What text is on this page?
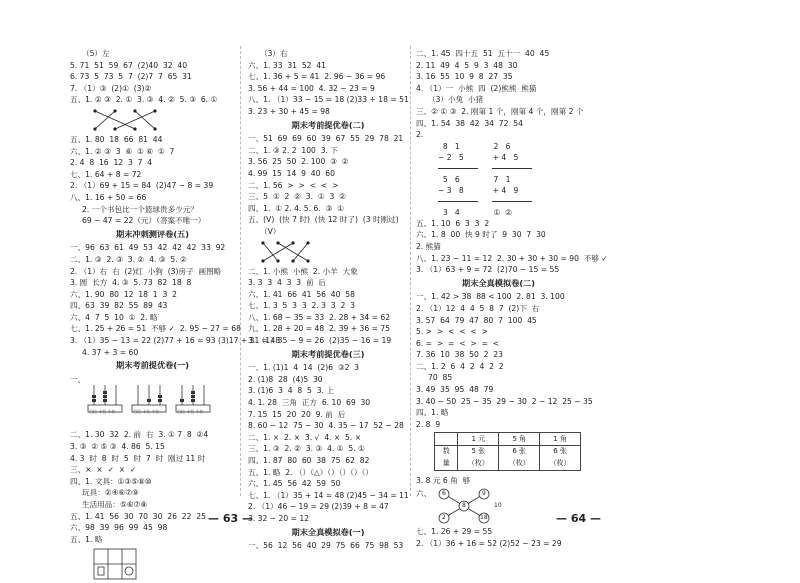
（5）左
5. 71  51  59  67  (2)40  32  40
6. 73  5  73  5  7  (2)7  7  65  31
7. （1）③  (2)①  (3)②
五、1. ② ③  2. ①  3. ③  4. ②  5. ③  6. ①
五、1. 80  18  66  81  44
六、1. ② ③  3  ⑥  ① ⑥  ①  7
2. 4  8  16  12  3  7  4
七、1. 64 + 8 = 72
2. （1）69 + 15 = 84  (2)47 − 8 = 39
八、1. 16 + 50 = 66
2. 一个书包比一个篮球贵多少元？
69 − 47 = 22（元）（答案不唯一）
期末冲刺测评卷(五)
一、96  63  61  49  53  42  42  42  33  92
二、1. ③  2. ③  3. ②  4. ③  5. ②
2. （1）右  右  (2)红  小狗  (3)房子  画图略
3. 圆  长方  4. ③  5. 73  82  18  8
六、1. 90  80  12  18  1  3  2
四、63  39  82  55  89  43
六、4  7  5  10  ①  2. 略
七、1. 25 + 26 = 51  不够 ✓  2. 95 − 27 = 68
3. （1）35 − 13 = 22 (2)77 + 16 = 93 (3)17 + 31 = 48
4. 37 + 3 = 60
期末考前提优卷(一)
一、
百位 十位 个位	百位 十位 个位	百位 十位 个位
二、1. 30  32  2. 前  右  3. ① 7  8  ②4
3. ③  ② ⑤ ③  4. 86  5. 15
4. 3  时  8  时  5  时  7  时  刚过 11 时
三、×  ×  ✓  ×  ✓
四、1. 文具：①③⑤⑧⑩
玩具：②④⑥⑦⑨
生活用品：⑤⑥⑦⑧
五、1. 41  56  30  70  30  26  22  25
六、98  39  96  99  45  98
五、1. 略
（3）右
六、1. 33  31  52  41
七、1. 36 + 5 = 41  2. 96 − 36 = 96
3. 56 + 44 = 100  4. 32 − 23 = 9
八、1. （1）33 − 15 = 18 (2)33 + 18 = 51
3. 23 + 30 + 45 = 98
期末考前提优卷(二)
一、51  69  69  60  39  67  55  29  78  21
二、1. ③ 2. 2  100  3. 下
3. 56  25  50  2. 100  ③  ②
4. 99  15  14  9  40  60
二、1. 56  >  >  <  <  >
三、5  ①  2  ②  3.  ①  3  ②
四、1.  ① 2. 4. 5. 6.  ③  ①
五、(V)  (快 7 时)  (快 12 时了)  (3 时刚过)
（V）
二、1. 小熊  小熊  2. 小羊  大象
3. 3  3  4  3  3  前  后
六、1. 41  66  41  56  40  58
七、1. 3  5  3  3  2. 3  3  2  3
八、1. 68 − 35 = 33  2. 28 + 34 = 62
九、1. 28 + 20 = 48  2. 39 + 36 = 75
3. （1）35 − 9 = 26  (2)35 − 16 = 19
期末考前提优卷(三)
一、1. (1)1  4  14  (2)6  ③2  3
2. (1)8  28  (4)5  30
3. (1)6  3  4  8  5  3. 上
4. 1. 28  三角  正方  6. 10  69  30
7. 15  15  20  20  9. 前  后
8. 60 − 12  75 − 30  4. 35 − 17  52 − 28
二、1. ×  2. ×  3. √  4. ×  5. ×
三、1. ③  2. ②  3. ③  4. ①  5. ①
四、1. 87  80  60  38  75  62  82
五、1. 略  2. （）（△）（）（）（）（）
六、1. 45  56  42  59  50
七、1. （1）35 + 14 = 48 (2)45 − 34 = 11
2. （1）46 − 19 = 29 (2)39 + 8 = 47
3. 32 − 20 = 12
期末全真模拟卷(一)
一、56  12  56  40  29  75  66  75  98  53
二、1. 45  四十五  51  五十一  40  45
2. 11  49  4  5  9  3  48  30
3. 16  55  10  9  8  27  35
4. （1）一  小熊  四  (2)熊熊  熊猫
（3）小兔  小猪
三、② ① ③  2. 刚第 1 个，刚第 4 个，刚第 2 个
四、1. 54  38  42  34  72  54
2.
8   1	2   6
− 2   5	+ 4   5

5   6	7   1
− 3   8	+ 4   9

3   4	①  ②
五、1. 10  6  3  3  2
六、1. 8  00  快 9 时了  9  30  7  30
2. 熊猫
八、1. 23 − 11 = 12  2. 30 + 30 + 30 = 90  不够 ✓
3. （1）63 + 9 = 72  (2)70 − 15 = 55
期末全真模拟卷(二)
一、1. 42 > 38  88 < 100  2. 81  3. 100
2. （1）12  4  4  5  8  7  (2)下  右
3. 57  64  79  47  80  7  100  45
5. >  >  <  <  <  >
6. =  >  =  <  >  =  <
7. 36  10  38  50  2  23
二、1. 2  6  4  2  4  2  2
70  85
3. 49  35  95  48  79
3. 40 − 50  25 − 35  29 − 30  2 − 12  25 − 35
四、1. 略
2. 8  9
	1 元	5 角	1 角
数量	5 张（枚）	6 张（枚）	6 张（枚）
3. 8 元 6 角  够
六、 6	9
2
8
18
10
七、1. 26 + 29 = 55
2. （1）36 + 16 = 52 (2)52 − 23 = 29
— 63 —	— 64 —
